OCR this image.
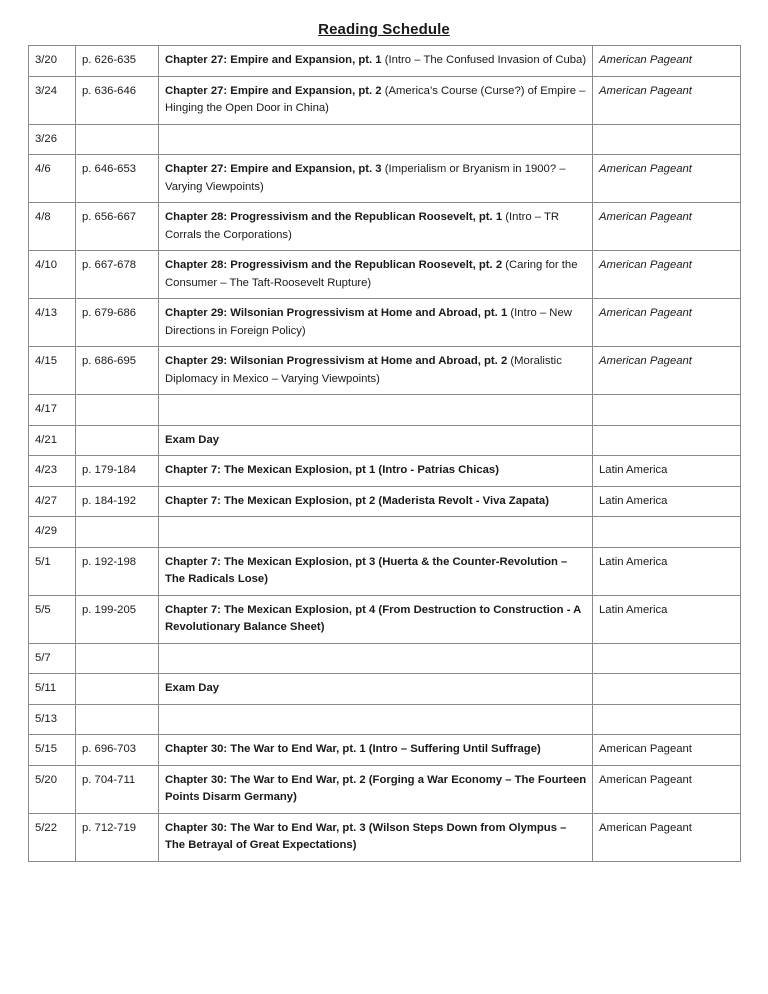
Reading Schedule
3/20	p. 626-635	Chapter 27: Empire and Expansion, pt. 1 (Intro – The Confused Invasion of Cuba)	American Pageant
3/24	p. 636-646	Chapter 27: Empire and Expansion, pt. 2 (America’s Course (Curse?) of Empire – Hinging the Open Door in China)	American Pageant
3/26			
4/6	p. 646-653	Chapter 27: Empire and Expansion, pt. 3 (Imperialism or Bryanism in 1900? – Varying Viewpoints)	American Pageant
4/8	p. 656-667	Chapter 28: Progressivism and the Republican Roosevelt, pt. 1 (Intro – TR Corrals the Corporations)	American Pageant
4/10	p. 667-678	Chapter 28: Progressivism and the Republican Roosevelt, pt. 2 (Caring for the Consumer – The Taft-Roosevelt Rupture)	American Pageant
4/13	p. 679-686	Chapter 29: Wilsonian Progressivism at Home and Abroad, pt. 1 (Intro – New Directions in Foreign Policy)	American Pageant
4/15	p. 686-695	Chapter 29: Wilsonian Progressivism at Home and Abroad, pt. 2 (Moralistic Diplomacy in Mexico – Varying Viewpoints)	American Pageant
4/17			
4/21		Exam Day	
4/23	p. 179-184	Chapter 7: The Mexican Explosion, pt 1 (Intro - Patrias Chicas)	Latin America
4/27	p. 184-192	Chapter 7: The Mexican Explosion, pt 2 (Maderista Revolt - Viva Zapata)	Latin America
4/29			
5/1	p. 192-198	Chapter 7: The Mexican Explosion, pt 3 (Huerta & the Counter-Revolution – The Radicals Lose)	Latin America
5/5	p. 199-205	Chapter 7: The Mexican Explosion, pt 4 (From Destruction to Construction - A Revolutionary Balance Sheet)	Latin America
5/7			
5/11		Exam Day	
5/13			
5/15	p. 696-703	Chapter 30: The War to End War, pt. 1 (Intro – Suffering Until Suffrage)	American Pageant
5/20	p. 704-711	Chapter 30: The War to End War, pt. 2 (Forging a War Economy – The Fourteen Points Disarm Germany)	American Pageant
5/22	p. 712-719	Chapter 30: The War to End War, pt. 3 (Wilson Steps Down from Olympus – The Betrayal of Great Expectations)	American Pageant
